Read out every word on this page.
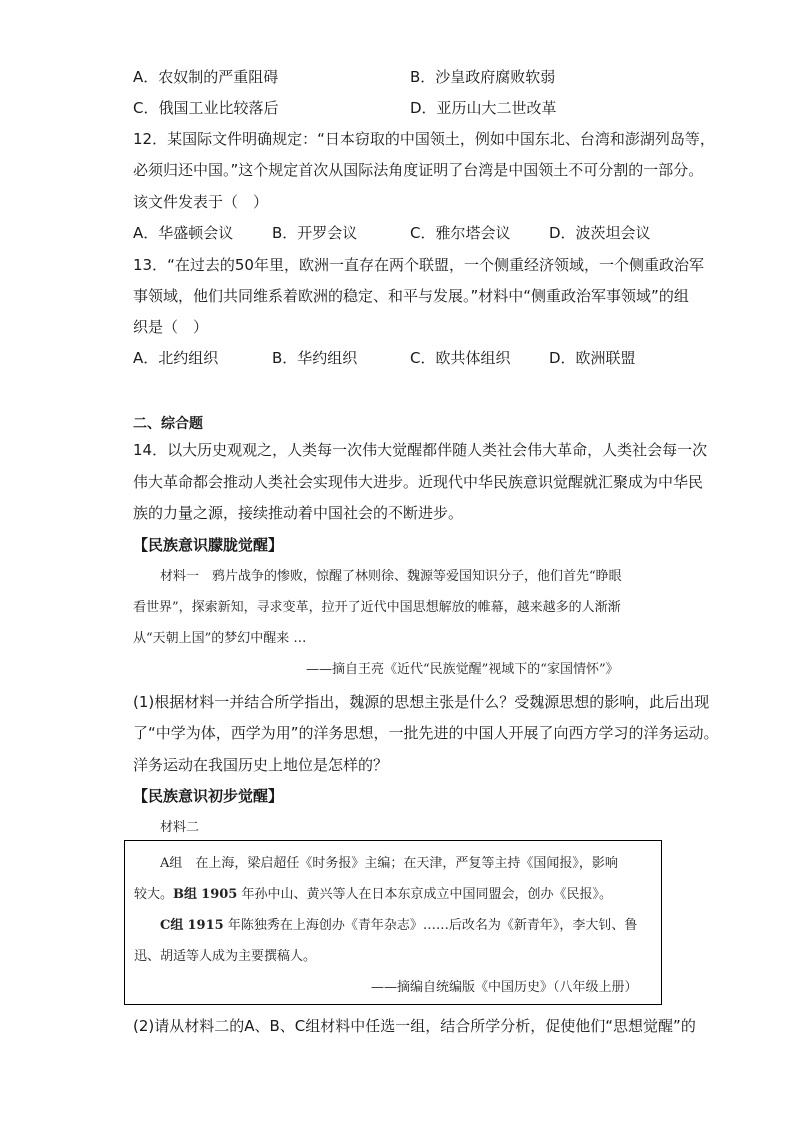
A．农奴制的严重阻碍	B．沙皇政府腐败软弱
C．俄国工业比较落后	D．亚历山大二世改革
12．某国际文件明确规定：“日本窃取的中国领土，例如中国东北、台湾和澎湖列岛等，
必须归还中国。”这个规定首次从国际法角度证明了台湾是中国领土不可分割的一部分。
该文件发表于（　）
A．华盛顿会议	B．开罗会议	C．雅尔塔会议	D．波茨坦会议
13．“在过去的50年里，欧洲一直存在两个联盟，一个侧重经济领域，一个侧重政治军
事领域，他们共同维系着欧洲的稳定、和平与发展。”材料中“侧重政治军事领域”的组
织是（　）
A．北约组织	B．华约组织	C．欧共体组织	D．欧洲联盟
二、综合题
14．以大历史观观之，人类每一次伟大觉醒都伴随人类社会伟大革命，人类社会每一次
伟大革命都会推动人类社会实现伟大进步。近现代中华民族意识觉醒就汇聚成为中华民
族的力量之源，接续推动着中国社会的不断进步。
【民族意识朦胧觉醒】
材料一　鸦片战争的惨败，惊醒了林则徐、魏源等爱国知识分子，他们首先“睁眼
看世界”，探索新知，寻求变革，拉开了近代中国思想解放的帷幕，越来越多的人渐渐
从“天朝上国”的梦幻中醒来 …
——摘自王亮《近代“民族觉醒”视域下的“家国情怀”》
(1)根据材料一并结合所学指出，魏源的思想主张是什么？受魏源思想的影响，此后出现
了“中学为体，西学为用”的洋务思想，一批先进的中国人开展了向西方学习的洋务运动。
洋务运动在我国历史上地位是怎样的？
【民族意识初步觉醒】
材料二
A组　在上海，梁启超任《时务报》主编；在天津，严复等主持《国闻报》，影响
较大。B组 1905 年孙中山、黄兴等人在日本东京成立中国同盟会，创办《民报》。
C组 1915 年陈独秀在上海创办《青年杂志》……后改名为《新青年》，李大钊、鲁
迅、胡适等人成为主要撰稿人。
——摘编自统编版《中国历史》（八年级上册）
(2)请从材料二的A、B、C组材料中任选一组，结合所学分析，促使他们“思想觉醒”的
